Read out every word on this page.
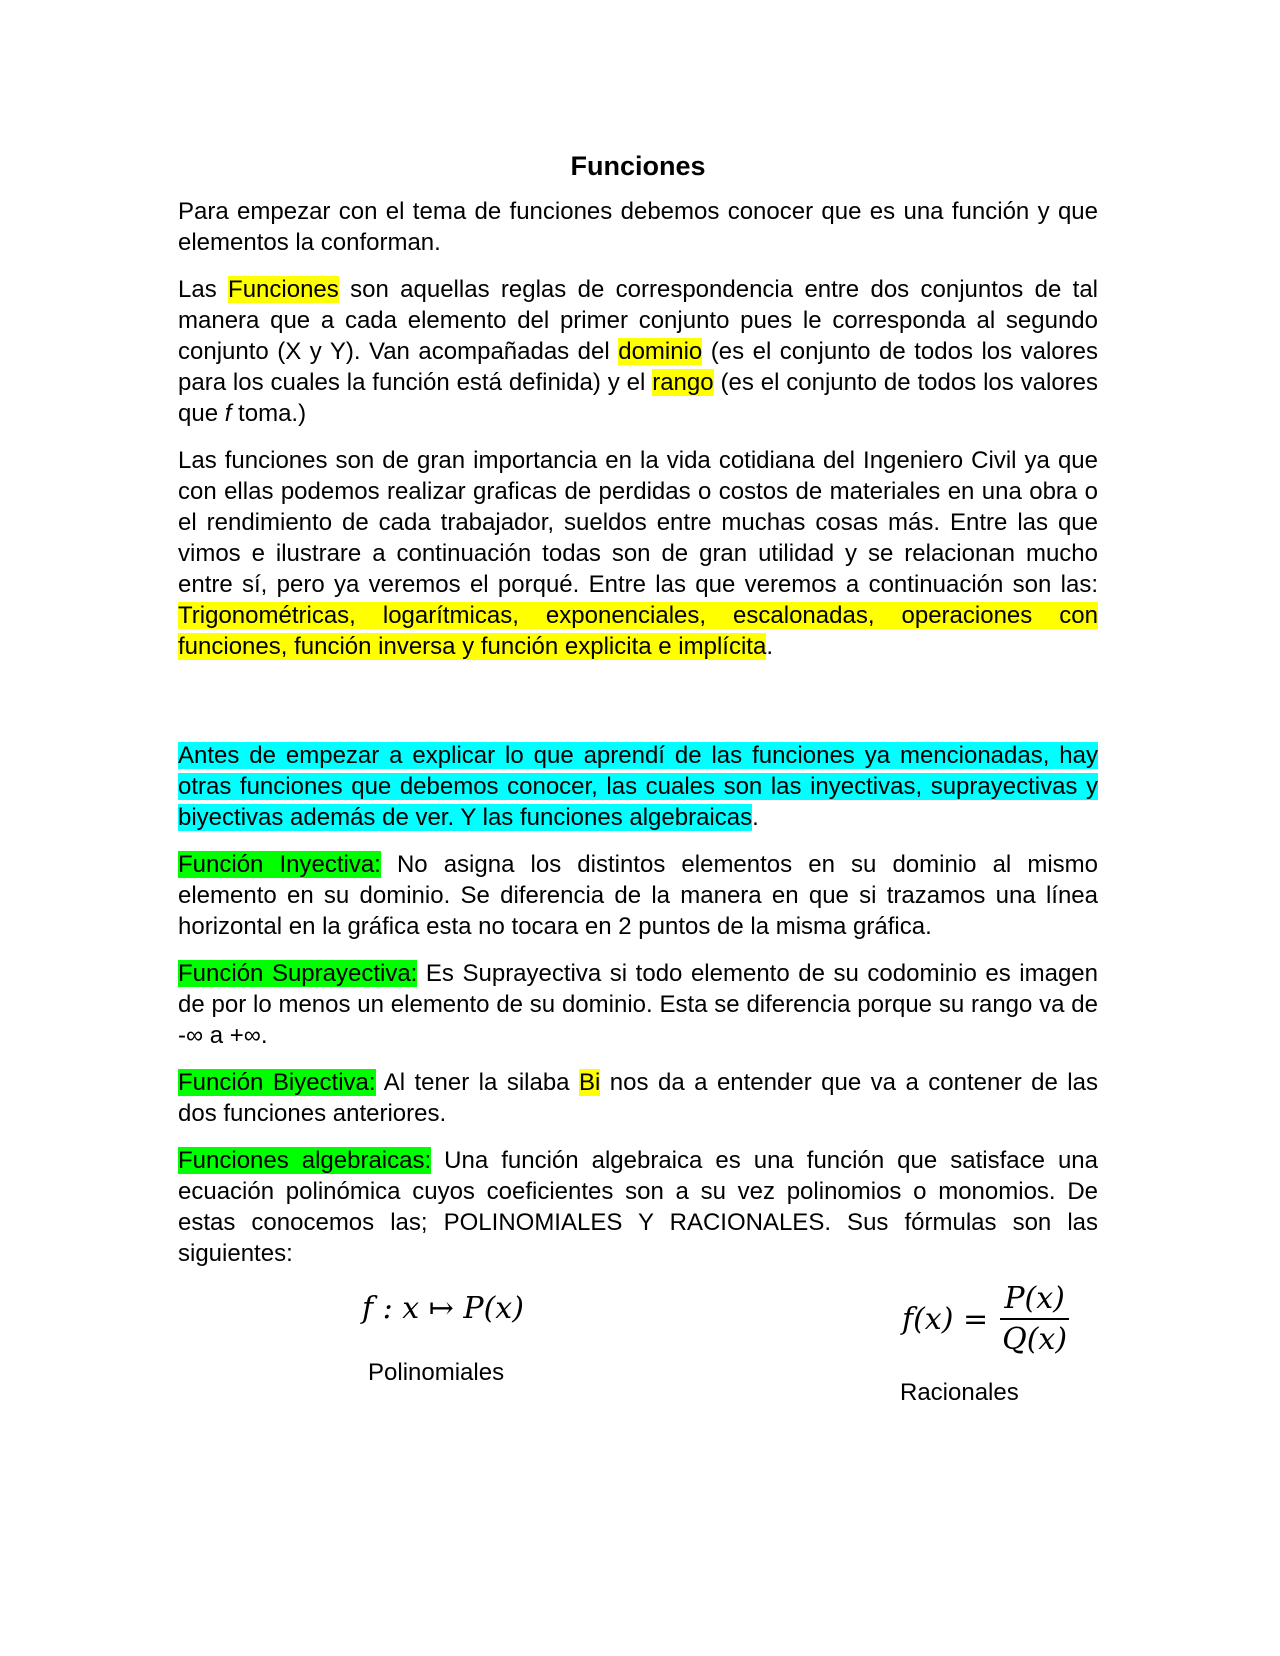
Funciones

Para empezar con el tema de funciones debemos conocer que es una función y que elementos la conforman.

Las Funciones son aquellas reglas de correspondencia entre dos conjuntos de tal manera que a cada elemento del primer conjunto pues le corresponda al segundo conjunto (X y Y). Van acompañadas del dominio (es el conjunto de todos los valores para los cuales la función está definida) y el rango (es el conjunto de todos los valores que f toma.)

Las funciones son de gran importancia en la vida cotidiana del Ingeniero Civil ya que con ellas podemos realizar graficas de perdidas o costos de materiales en una obra o el rendimiento de cada trabajador, sueldos entre muchas cosas más. Entre las que vimos e ilustrare a continuación todas son de gran utilidad y se relacionan mucho entre sí, pero ya veremos el porqué. Entre las que veremos a continuación son las: Trigonométricas, logarítmicas, exponenciales, escalonadas, operaciones con funciones, función inversa y función explicita e implícita.

Antes de empezar a explicar lo que aprendí de las funciones ya mencionadas, hay otras funciones que debemos conocer, las cuales son las inyectivas, suprayectivas y biyectivas además de ver. Y las funciones algebraicas.

Función Inyectiva: No asigna los distintos elementos en su dominio al mismo elemento en su dominio. Se diferencia de la manera en que si trazamos una línea horizontal en la gráfica esta no tocara en 2 puntos de la misma gráfica.

Función Suprayectiva: Es Suprayectiva si todo elemento de su codominio es imagen de por lo menos un elemento de su dominio. Esta se diferencia porque su rango va de -∞ a +∞.

Función Biyectiva: Al tener la silaba Bi nos da a entender que va a contener de las dos funciones anteriores.

Funciones algebraicas: Una función algebraica es una función que satisface una ecuación polinómica cuyos coeficientes son a su vez polinomios o monomios. De estas conocemos las; POLINOMIALES Y RACIONALES. Sus fórmulas son las siguientes:

f : x ↦ P(x)
Polinomiales
$f(x) = \frac{P(x)}{Q(x)}$
Racionales
